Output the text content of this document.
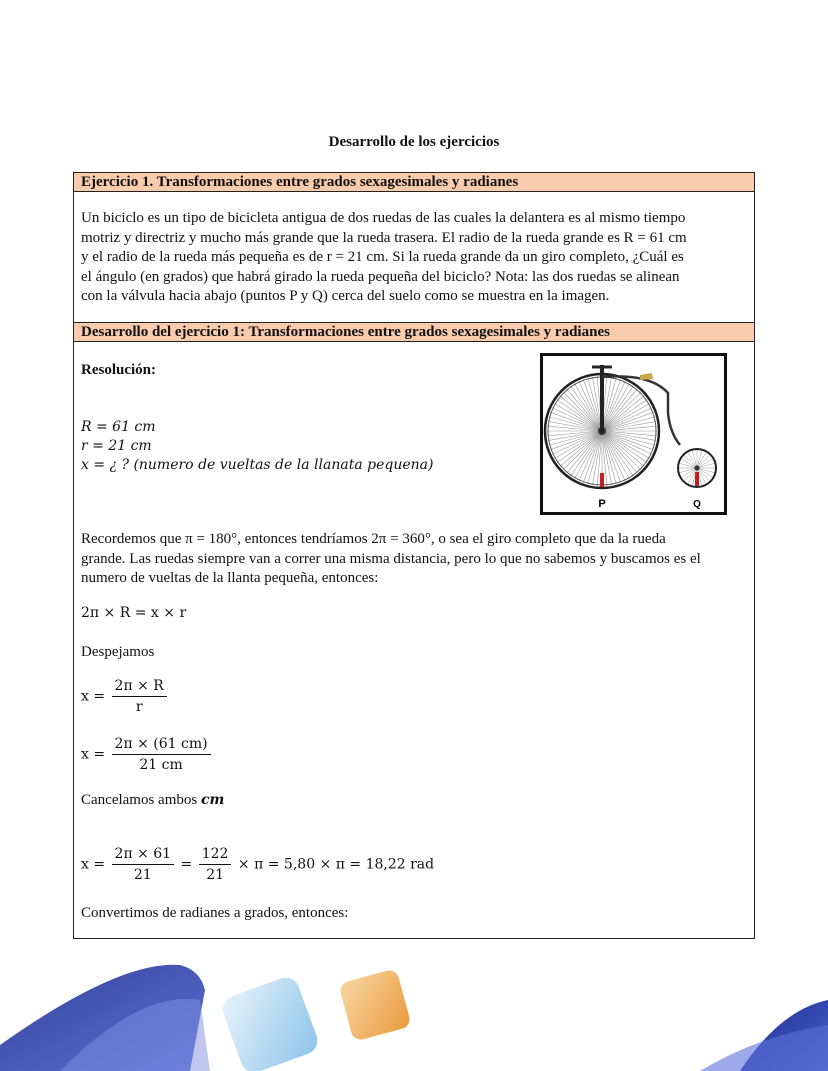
Desarrollo de los ejercicios
Ejercicio 1. Transformaciones entre grados sexagesimales y radianes
Un biciclo es un tipo de bicicleta antigua de dos ruedas de las cuales la delantera es al mismo tiempo
motriz y directriz y mucho más grande que la rueda trasera. El radio de la rueda grande es R = 61 cm
y el radio de la rueda más pequeña es de r = 21 cm. Si la rueda grande da un giro completo, ¿Cuál es
el ángulo (en grados) que habrá girado la rueda pequeña del biciclo? Nota: las dos ruedas se alinean
con la válvula hacia abajo (puntos P y Q) cerca del suelo como se muestra en la imagen.
Desarrollo del ejercicio 1: Transformaciones entre grados sexagesimales y radianes
Resolución:
R = 61 cm
r = 21 cm
x = ¿ ? (numero de vueltas de la llanata pequena)
P	Q
Recordemos que π = 180°, entonces tendríamos 2π = 360°, o sea el giro completo que da la rueda
grande. Las ruedas siempre van a correr una misma distancia, pero lo que no sabemos y buscamos es el
numero de vueltas de la llanta pequeña, entonces:
2π × R = x × r
Despejamos
$x = \frac{2\pi \times R}{r}$
$x = \frac{2\pi \times (61 cm)}{21 cm}$
Cancelamos ambos cm
$x = \frac{2\pi \times 61}{21} = \frac{122}{21} \times \pi = 5,80 \times \pi = 18,22$ rad
Convertimos de radianes a grados, entonces:
